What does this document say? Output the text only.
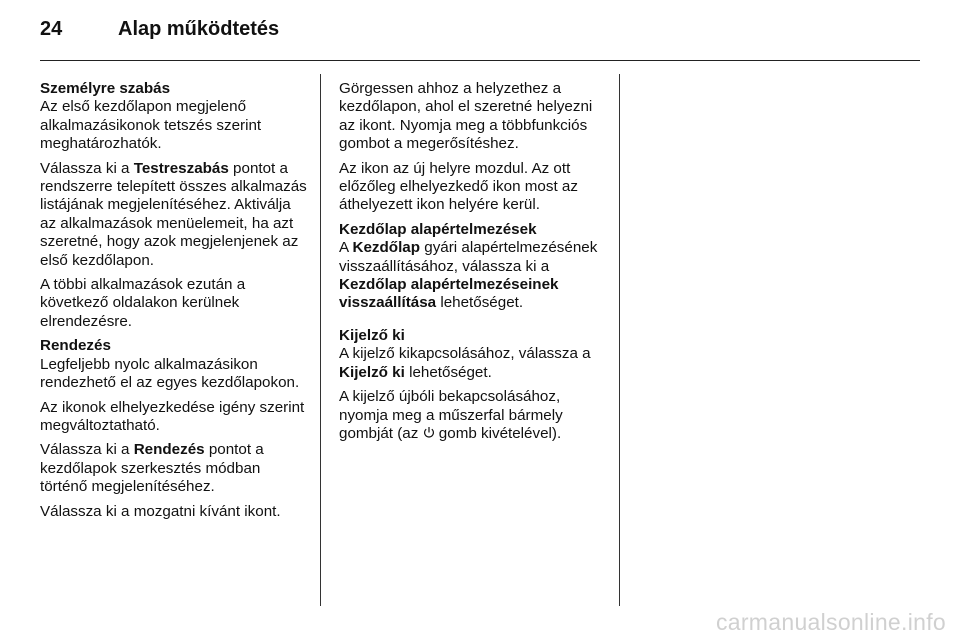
24	Alap működtetés
Személyre szabás

Az első kezdőlapon megjelenő alkalmazásikonok tetszés szerint meghatározhatók.

Válassza ki a Testreszabás pontot a rendszerre telepített összes alkalmazás listájának megjelenítéséhez. Aktiválja az alkalmazások menüelemeit, ha azt szeretné, hogy azok megjelenjenek az első kezdőlapon.

A többi alkalmazások ezután a következő oldalakon kerülnek elrendezésre.

Rendezés

Legfeljebb nyolc alkalmazásikon rendezhető el az egyes kezdőlapokon.

Az ikonok elhelyezkedése igény szerint megváltoztatható.

Válassza ki a Rendezés pontot a kezdőlapok szerkesztés módban történő megjelenítéséhez.

Válassza ki a mozgatni kívánt ikont.

Görgessen ahhoz a helyzethez a kezdőlapon, ahol el szeretné helyezni az ikont. Nyomja meg a többfunkciós gombot a megerősítéshez.

Az ikon az új helyre mozdul. Az ott előzőleg elhelyezkedő ikon most az áthelyezett ikon helyére kerül.

Kezdőlap alapértelmezések

A Kezdőlap gyári alapértelmezésének visszaállításához, válassza ki a Kezdőlap alapértelmezéseinek visszaállítása lehetőséget.

Kijelző ki

A kijelző kikapcsolásához, válassza a Kijelző ki lehetőséget.

A kijelző újbóli bekapcsolásához, nyomja meg a műszerfal bármely gombját (az  gomb kivételével).

carmanualsonline.info
